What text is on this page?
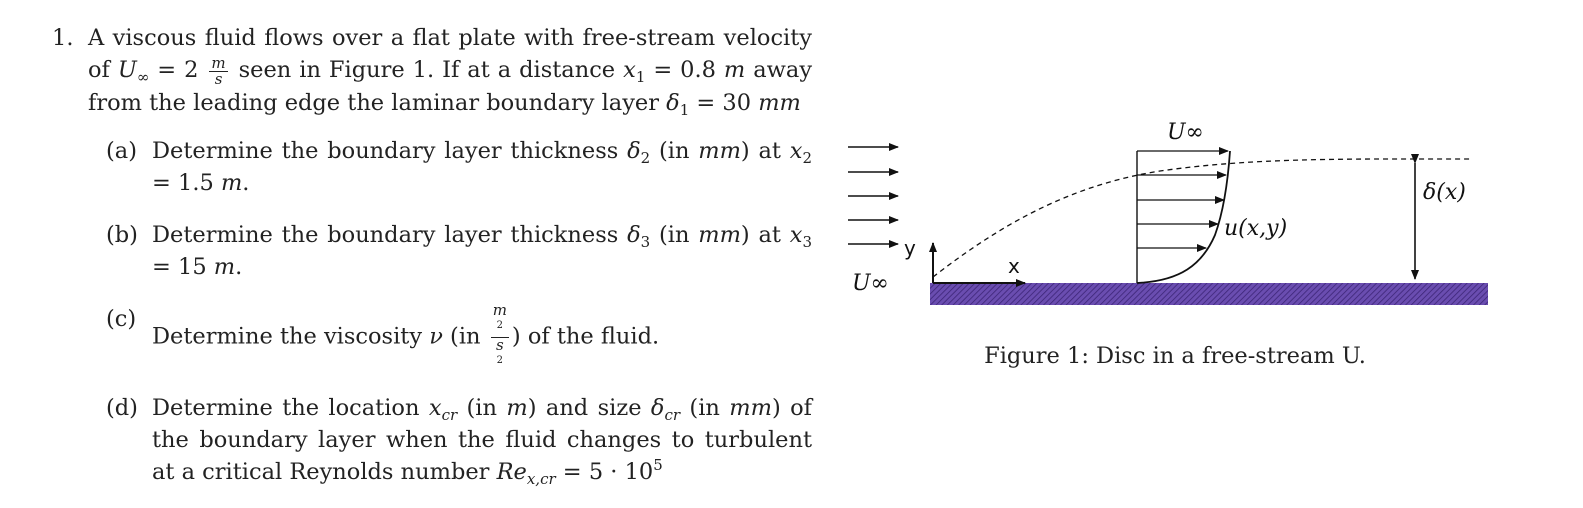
1. A viscous fluid flows over a flat plate with free-stream velocity of $U_\infty = 2 \frac{m}{s}$ seen in Figure 1. If at a distance $x_1 = 0.8$ m away from the leading edge the laminar boundary layer $\delta_1 = 30$ mm
(a) Determine the boundary layer thickness $\delta_2$ (in mm) at $x_2 = 1.5$ m.
(b) Determine the boundary layer thickness $\delta_3$ (in mm) at $x_3 = 15$ m.
(c)
Determine the viscosity ν (in m
$^2$
s
$^2$ ) of the fluid.
(d) Determine the location $x_{cr}$ (in m) and size $\delta_{cr}$ (in mm) of the boundary layer when the fluid changes to turbulent at a critical Reynolds number $Re_{x,cr} = 5 \cdot 10^5$
U∞
y
x
U∞
u(x,y)
δ(x)
Figure 1: Disc in a free-stream U.
